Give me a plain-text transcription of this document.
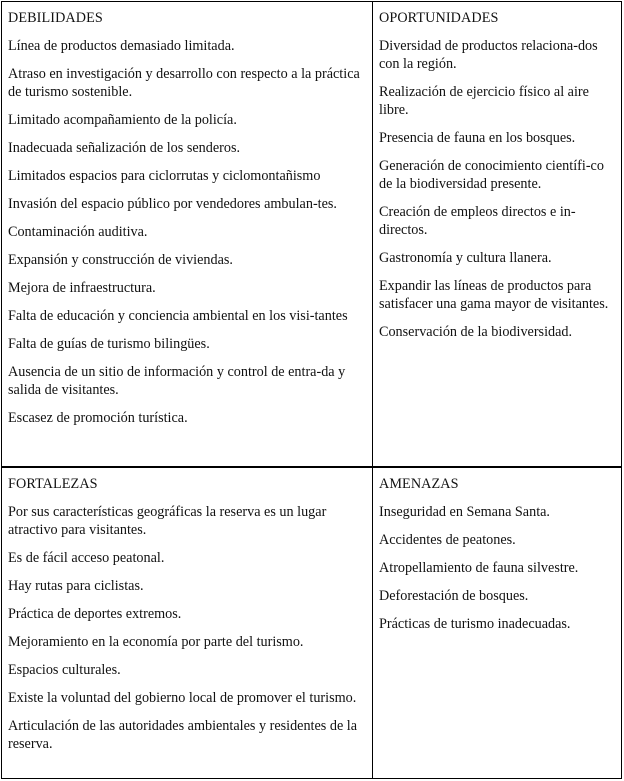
DEBILIDADES
Línea de productos demasiado limitada.
Atraso en investigación y desarrollo con respecto a la práctica de turismo sostenible.
Limitado acompañamiento de la policía.
Inadecuada señalización de los senderos.
Limitados espacios para ciclorrutas y ciclomontañismo
Invasión del espacio público por vendedores ambulan-tes.
Contaminación auditiva.
Expansión y construcción de viviendas.
Mejora de infraestructura.
Falta de educación y conciencia ambiental en los visi-tantes
Falta de guías de turismo bilingües.
Ausencia de un sitio de información y control de entra-da y salida de visitantes.
Escasez de promoción turística.
OPORTUNIDADES
Diversidad de productos relaciona-dos con la región.
Realización de ejercicio físico al aire libre.
Presencia de fauna en los bosques.
Generación de conocimiento científi-co de la biodiversidad presente.
Creación de empleos directos e in-directos.
Gastronomía y cultura llanera.
Expandir las líneas de productos para satisfacer una gama mayor de visitantes.
Conservación de la biodiversidad.
FORTALEZAS
Por sus características geográficas la reserva es un lugar atractivo para visitantes.
Es de fácil acceso peatonal.
Hay rutas para ciclistas.
Práctica de deportes extremos.
Mejoramiento en la economía por parte del turismo.
Espacios culturales.
Existe la voluntad del gobierno local de promover el turismo.
Articulación de las autoridades ambientales y residentes de la reserva.
AMENAZAS
Inseguridad en Semana Santa.
Accidentes de peatones.
Atropellamiento de fauna silvestre.
Deforestación de bosques.
Prácticas de turismo inadecuadas.
